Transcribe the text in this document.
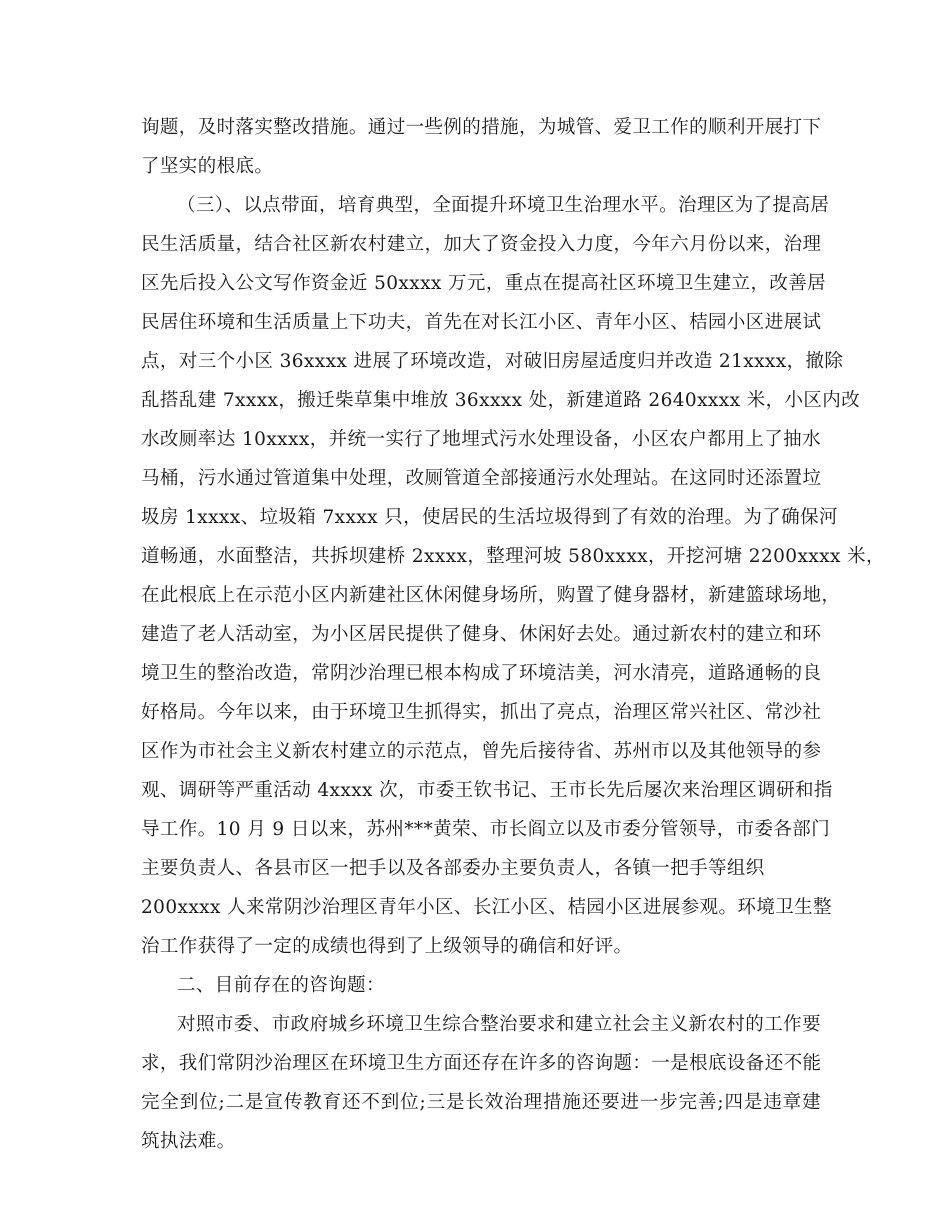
询题，及时落实整改措施。通过一些例的措施，为城管、爱卫工作的顺利开展打下
了坚实的根底。
（三）、以点带面，培育典型，全面提升环境卫生治理水平。治理区为了提高居
民生活质量，结合社区新农村建立，加大了资金投入力度，今年六月份以来，治理
区先后投入公文写作资金近 50xxxx 万元，重点在提高社区环境卫生建立，改善居
民居住环境和生活质量上下功夫，首先在对长江小区、青年小区、桔园小区进展试
点，对三个小区 36xxxx 进展了环境改造，对破旧房屋适度归并改造 21xxxx，撤除
乱搭乱建 7xxxx，搬迁柴草集中堆放 36xxxx 处，新建道路 2640xxxx 米，小区内改
水改厕率达 10xxxx，并统一实行了地埋式污水处理设备，小区农户都用上了抽水
马桶，污水通过管道集中处理，改厕管道全部接通污水处理站。在这同时还添置垃
圾房 1xxxx、垃圾箱 7xxxx 只，使居民的生活垃圾得到了有效的治理。为了确保河
道畅通，水面整洁，共拆坝建桥 2xxxx，整理河坡 580xxxx，开挖河塘 2200xxxx 米，
在此根底上在示范小区内新建社区休闲健身场所，购置了健身器材，新建篮球场地，
建造了老人活动室，为小区居民提供了健身、休闲好去处。通过新农村的建立和环
境卫生的整治改造，常阴沙治理已根本构成了环境洁美，河水清亮，道路通畅的良
好格局。今年以来，由于环境卫生抓得实，抓出了亮点，治理区常兴社区、常沙社
区作为市社会主义新农村建立的示范点，曾先后接待省、苏州市以及其他领导的参
观、调研等严重活动 4xxxx 次，市委王钦书记、王市长先后屡次来治理区调研和指
导工作。10 月 9 日以来，苏州***黄荣、市长阎立以及市委分管领导，市委各部门
主要负责人、各县市区一把手以及各部委办主要负责人，各镇一把手等组织
200xxxx 人来常阴沙治理区青年小区、长江小区、桔园小区进展参观。环境卫生整
治工作获得了一定的成绩也得到了上级领导的确信和好评。
二、目前存在的咨询题：
对照市委、市政府城乡环境卫生综合整治要求和建立社会主义新农村的工作要
求，我们常阴沙治理区在环境卫生方面还存在许多的咨询题：一是根底设备还不能
完全到位;二是宣传教育还不到位;三是长效治理措施还要进一步完善;四是违章建
筑执法难。
